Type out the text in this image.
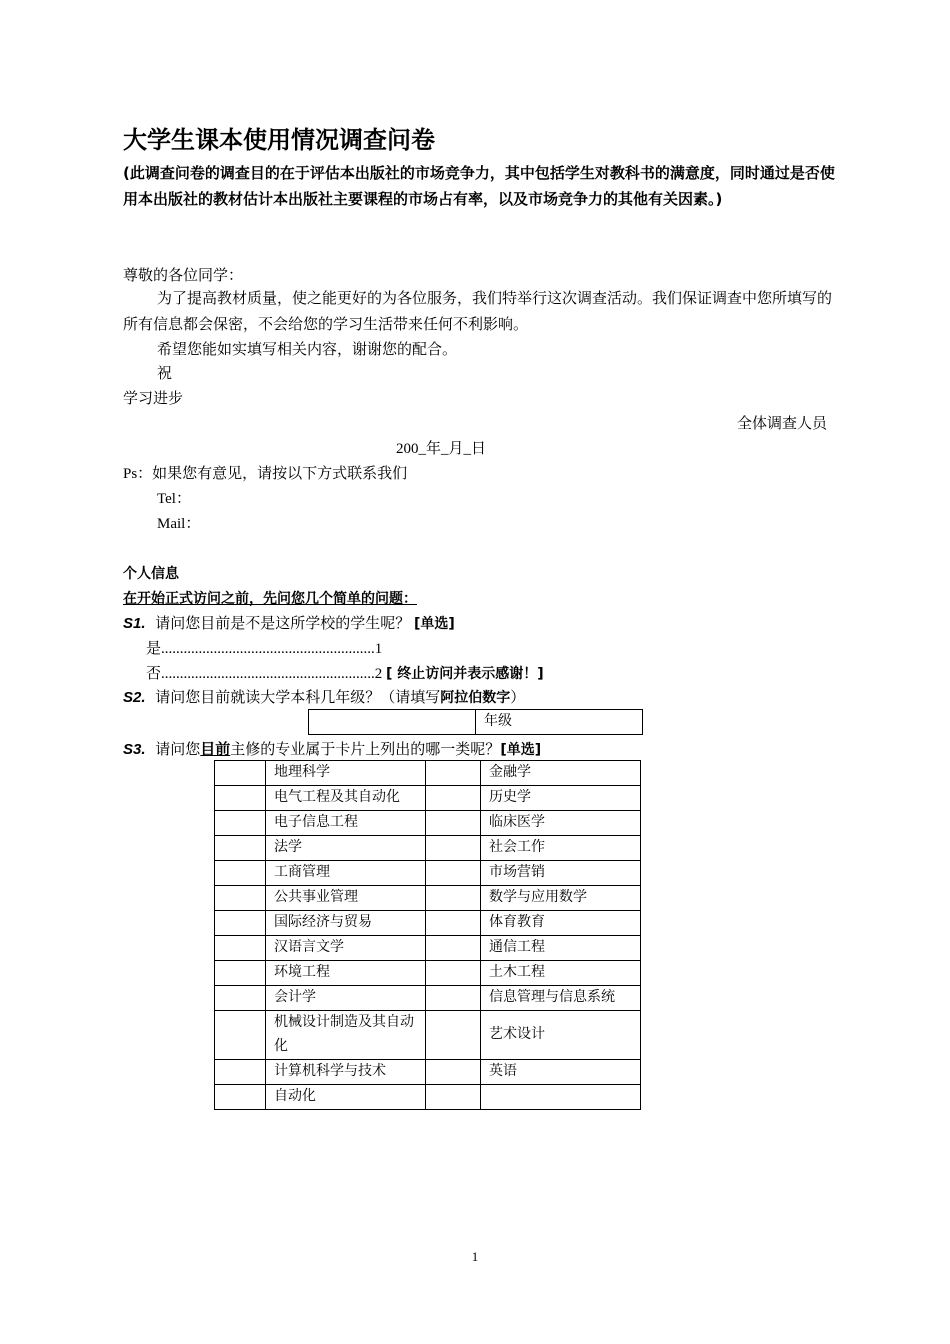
大学生课本使用情况调查问卷
(此调查问卷的调查目的在于评估本出版社的市场竞争力，其中包括学生对教科书的满意度，同时通过是否使用本出版社的教材估计本出版社主要课程的市场占有率，以及市场竞争力的其他有关因素。)
尊敬的各位同学：
为了提高教材质量，使之能更好的为各位服务，我们特举行这次调查活动。我们保证调查中您所填写的所有信息都会保密，不会给您的学习生活带来任何不利影响。
希望您能如实填写相关内容，谢谢您的配合。
祝
学习进步
全体调查人员
200_年_月_日
Ps：如果您有意见，请按以下方式联系我们
Tel：
Mail：
个人信息
在开始正式访问之前，先问您几个简单的问题：
S1. 请问您目前是不是这所学校的学生呢？ [单选]
是.........................................................1
否.........................................................2 [ 终止访问并表示感谢！]
S2. 请问您目前就读大学本科几年级？（请填写阿拉伯数字）
	年级
S3. 请问您目前主修的专业属于卡片上列出的哪一类呢？[单选]
	地理科学		金融学
	电气工程及其自动化		历史学
	电子信息工程		临床医学
	法学		社会工作
	工商管理		市场营销
	公共事业管理		数学与应用数学
	国际经济与贸易		体育教育
	汉语言文学		通信工程
	环境工程		土木工程
	会计学		信息管理与信息系统
	机械设计制造及其自动化		艺术设计
	计算机科学与技术		英语
	自动化		
1
